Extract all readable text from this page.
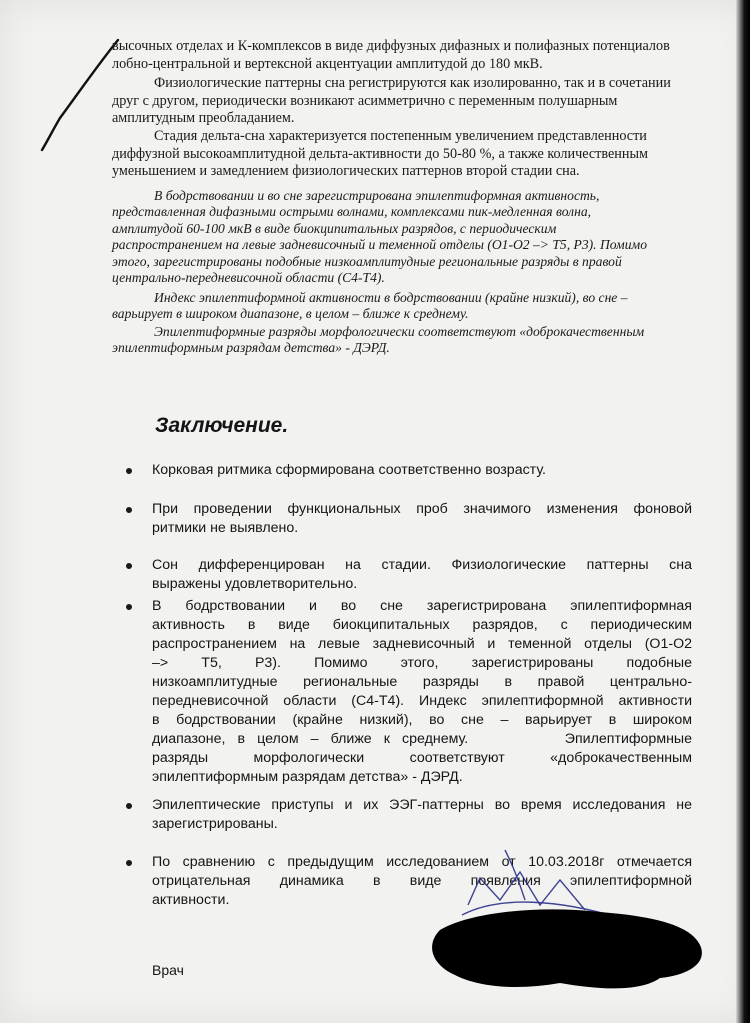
высочных отделах и К-комплексов в виде диффузных дифазных и полифазных потенциалов
лобно-центральной и вертексной акцентуации амплитудой до 180 мкВ.

Физиологические паттерны сна регистрируются как изолированно, так и в сочетании
друг с другом, периодически возникают асимметрично с переменным полушарным
амплитудным преобладанием.

Стадия дельта-сна характеризуется постепенным увеличением представленности
диффузной высокоамплитудной дельта-активности до 50-80 %, а также количественным
уменьшением и замедлением физиологических паттернов второй стадии сна.

В бодрствовании и во сне зарегистрирована эпилептиформная активность,
представленная дифазными острыми волнами, комплексами пик-медленная волна,
амплитудой 60-100 мкВ в виде биокципитальных разрядов, с периодическим
распространением на левые задневисочный и теменной отделы (О1-О2 –> Т5, Р3). Помимо
этого, зарегистрированы подобные низкоамплитудные региональные разряды в правой
центрально-передневисочной области (С4-Т4).

Индекс эпилептиформной активности в бодрствовании (крайне низкий), во сне –
варьирует в широком диапазоне, в целом – ближе к среднему.

Эпилептиформные разряды морфологически соответствуют «доброкачественным
эпилептиформным разрядам детства» - ДЭРД.

Заключение.
Корковая ритмика сформирована соответственно возрасту.
При проведении функциональных проб значимого изменения фоновой
ритмики не выявлено.
Сон дифференцирован на стадии. Физиологические паттерны сна
выражены удовлетворительно.
В бодрствовании и во сне зарегистрирована эпилептиформная
активность в виде биокципитальных разрядов, с периодическим
распространением на левые задневисочный и теменной отделы (О1-О2
–> Т5, Р3). Помимо этого, зарегистрированы подобные
низкоамплитудные региональные разряды в правой центрально-
передневисочной области (С4-Т4). Индекс эпилептиформной активности
в бодрствовании (крайне низкий), во сне – варьирует в широком
диапазоне, в целом – ближе к среднему.        Эпилептиформные
разряды морфологически соответствуют «доброкачественным
эпилептиформным разрядам детства» - ДЭРД.
Эпилептические приступы и их ЭЭГ-паттерны во время исследования не
зарегистрированы.
По сравнению с предыдущим исследованием от 10.03.2018г отмечается
отрицательная динамика в виде появления эпилептиформной
активности.
Врач
